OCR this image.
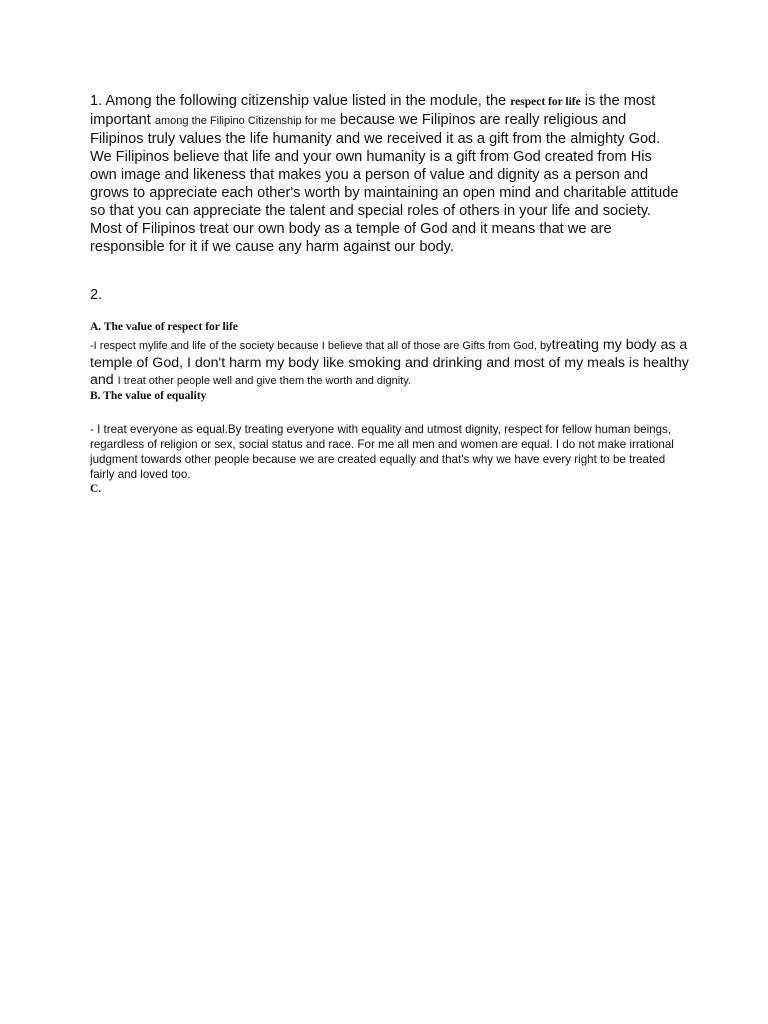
1. Among the following citizenship value listed in the module, the respect for life is the most important among the Filipino Citizenship for me because we Filipinos are really religious and Filipinos truly values the life humanity and we received it as a gift from the almighty God. We Filipinos believe that life and your own humanity is a gift from God created from His own image and likeness that makes you a person of value and dignity as a person and grows to appreciate each other's worth by maintaining an open mind and charitable attitude so that you can appreciate the talent and special roles of others in your life and society. Most of Filipinos treat our own body as a temple of God and it means that we are responsible for it if we cause any harm against our body.

2.

A. The value of respect for life

-I respect mylife and life of the society because I believe that all of those are Gifts from God, bytreating my body as a temple of God, I don't harm my body like smoking and drinking and most of my meals is healthy and I treat other people well and give them the worth and dignity.

B. The value of equality

- I treat everyone as equal.By treating everyone with equality and utmost dignity, respect for fellow human beings, regardless of religion or sex, social status and race. For me all men and women are equal. I do not make irrational judgment towards other people because we are created equally and that's why we have every right to be treated fairly and loved too.

C.
